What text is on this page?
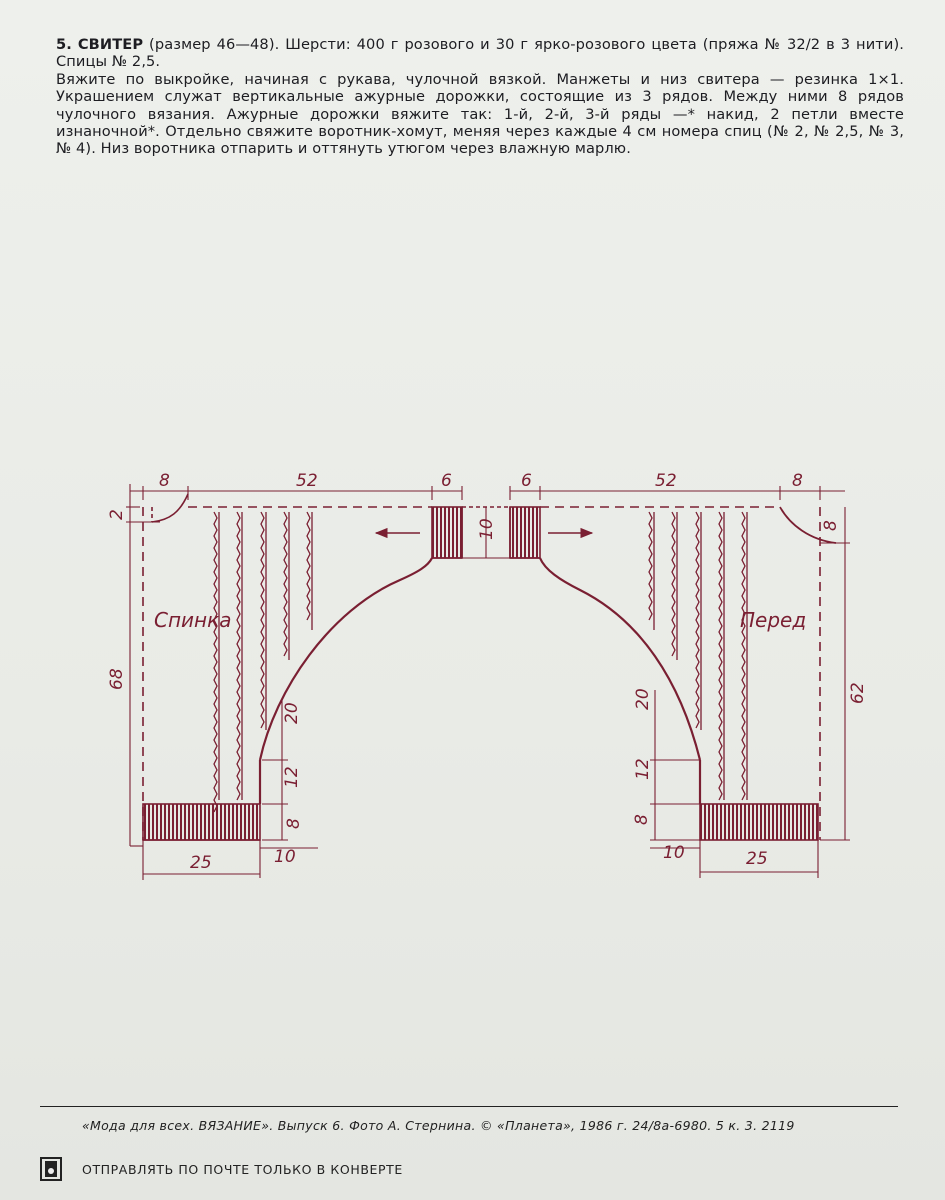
5. СВИТЕР (размер 46—48). Шерсти: 400 г розового и 30 г ярко-розового цвета (пряжа № 32/2 в 3 нити). Спицы № 2,5.

Вяжите по выкройке, начиная с рукава, чулочной вязкой. Манжеты и низ свитера — резинка 1×1. Украшением служат вертикальные ажурные дорожки, состоящие из 3 рядов. Между ними 8 рядов чулочного вязания. Ажурные дорожки вяжите так: 1-й, 2-й, 3-й ряды —* накид, 2 петли вместе изнаночной*. Отдельно свяжите воротник-хомут, меняя через каждые 4 см номера спиц (№ 2, № 2,5, № 3, № 4). Низ воротника отпарить и оттянуть утюгом через влажную марлю.

Спинка	Перед
8	52	6	6	52	8
2
10
68
62
8
20
12
8
20
12
8
10	10
25	25
«Мода для всех. ВЯЗАНИЕ». Выпуск 6. Фото А. Стернина. © «Планета», 1986 г. 24/8а-6980. 5 к. 3. 2119
ОТПРАВЛЯТЬ ПО ПОЧТЕ ТОЛЬКО В КОНВЕРТЕ
